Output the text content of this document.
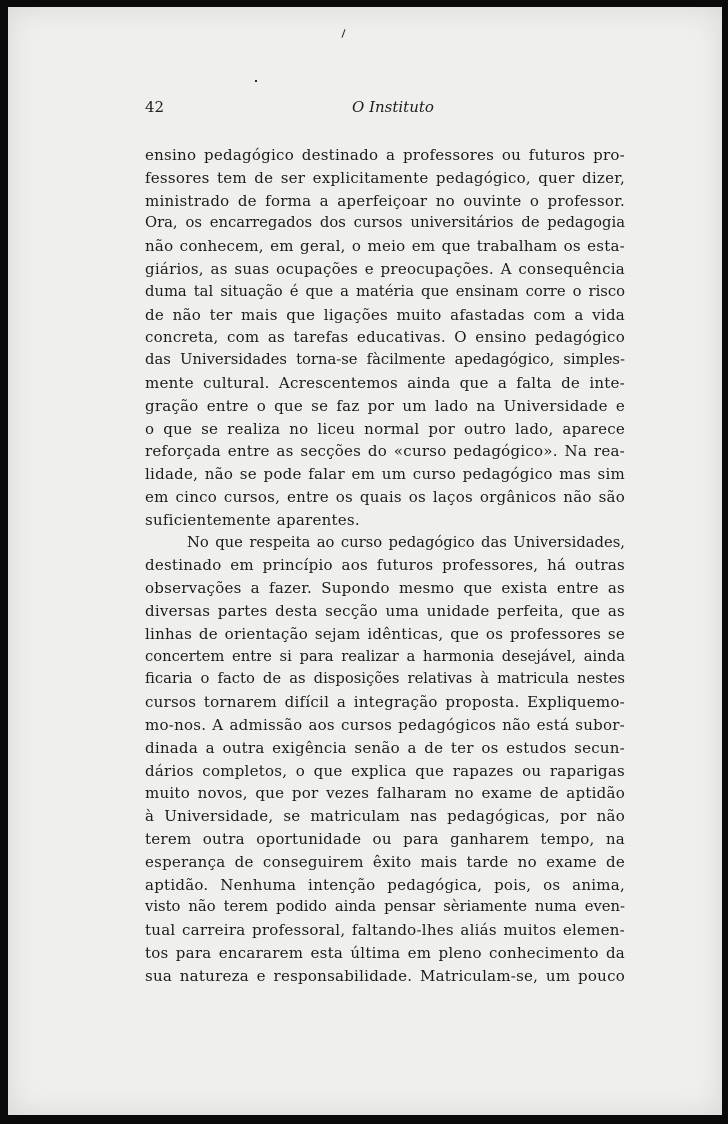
42	O Instituto
ensino pedagógico destinado a professores ou futuros pro-
fessores tem de ser explicitamente pedagógico, quer dizer,
ministrado de forma a aperfeiçoar no ouvinte o professor.
Ora, os encarregados dos cursos universitários de pedagogia
não conhecem, em geral, o meio em que trabalham os esta-
giários, as suas ocupações e preocupações. A consequência
duma tal situação é que a matéria que ensinam corre o risco
de não ter mais que ligações muito afastadas com a vida
concreta, com as tarefas educativas. O ensino pedagógico
das Universidades torna-se fàcilmente apedagógico, simples-
mente cultural. Acrescentemos ainda que a falta de inte-
gração entre o que se faz por um lado na Universidade e
o que se realiza no liceu normal por outro lado, aparece
reforçada entre as secções do «curso pedagógico». Na rea-
lidade, não se pode falar em um curso pedagógico mas sim
em cinco cursos, entre os quais os laços orgânicos não são
suficientemente aparentes.
No que respeita ao curso pedagógico das Universidades,
destinado em princípio aos futuros professores, há outras
observações a fazer. Supondo mesmo que exista entre as
diversas partes desta secção uma unidade perfeita, que as
linhas de orientação sejam idênticas, que os professores se
concertem entre si para realizar a harmonia desejável, ainda
ficaria o facto de as disposições relativas à matricula nestes
cursos tornarem difícil a integração proposta. Expliquemo-
mo-nos. A admissão aos cursos pedagógicos não está subor-
dinada a outra exigência senão a de ter os estudos secun-
dários completos, o que explica que rapazes ou raparigas
muito novos, que por vezes falharam no exame de aptidão
à Universidade, se matriculam nas pedagógicas, por não
terem outra oportunidade ou para ganharem tempo, na
esperança de conseguirem êxito mais tarde no exame de
aptidão. Nenhuma intenção pedagógica, pois, os anima,
visto não terem podido ainda pensar sèriamente numa even-
tual carreira professoral, faltando-lhes aliás muitos elemen-
tos para encararem esta última em pleno conhecimento da
sua natureza e responsabilidade. Matriculam-se, um pouco
